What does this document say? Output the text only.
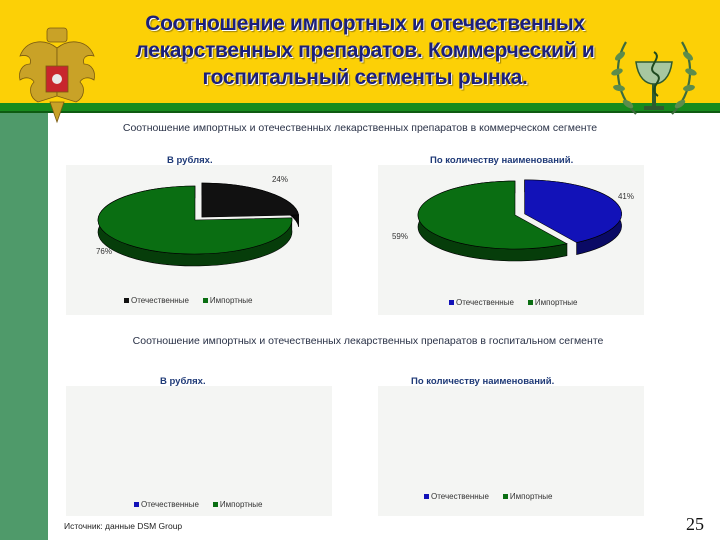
Соотношение импортных и отечественных лекарственных препаратов. Коммерческий и госпитальный сегменты рынка.
Соотношение импортных и отечественных лекарственных препаратов в коммерческом сегменте
В рублях.	По количеству наименований.
24%
76%
41%
59%
Отечественные	Импортные	Отечественные	Импортные
Соотношение импортных и отечественных лекарственных препаратов в госпитальном сегменте
В рублях.	По количеству наименований.
Отечественные	Импортные
Отечественные	Импортные
Источник: данные DSM Group	25
